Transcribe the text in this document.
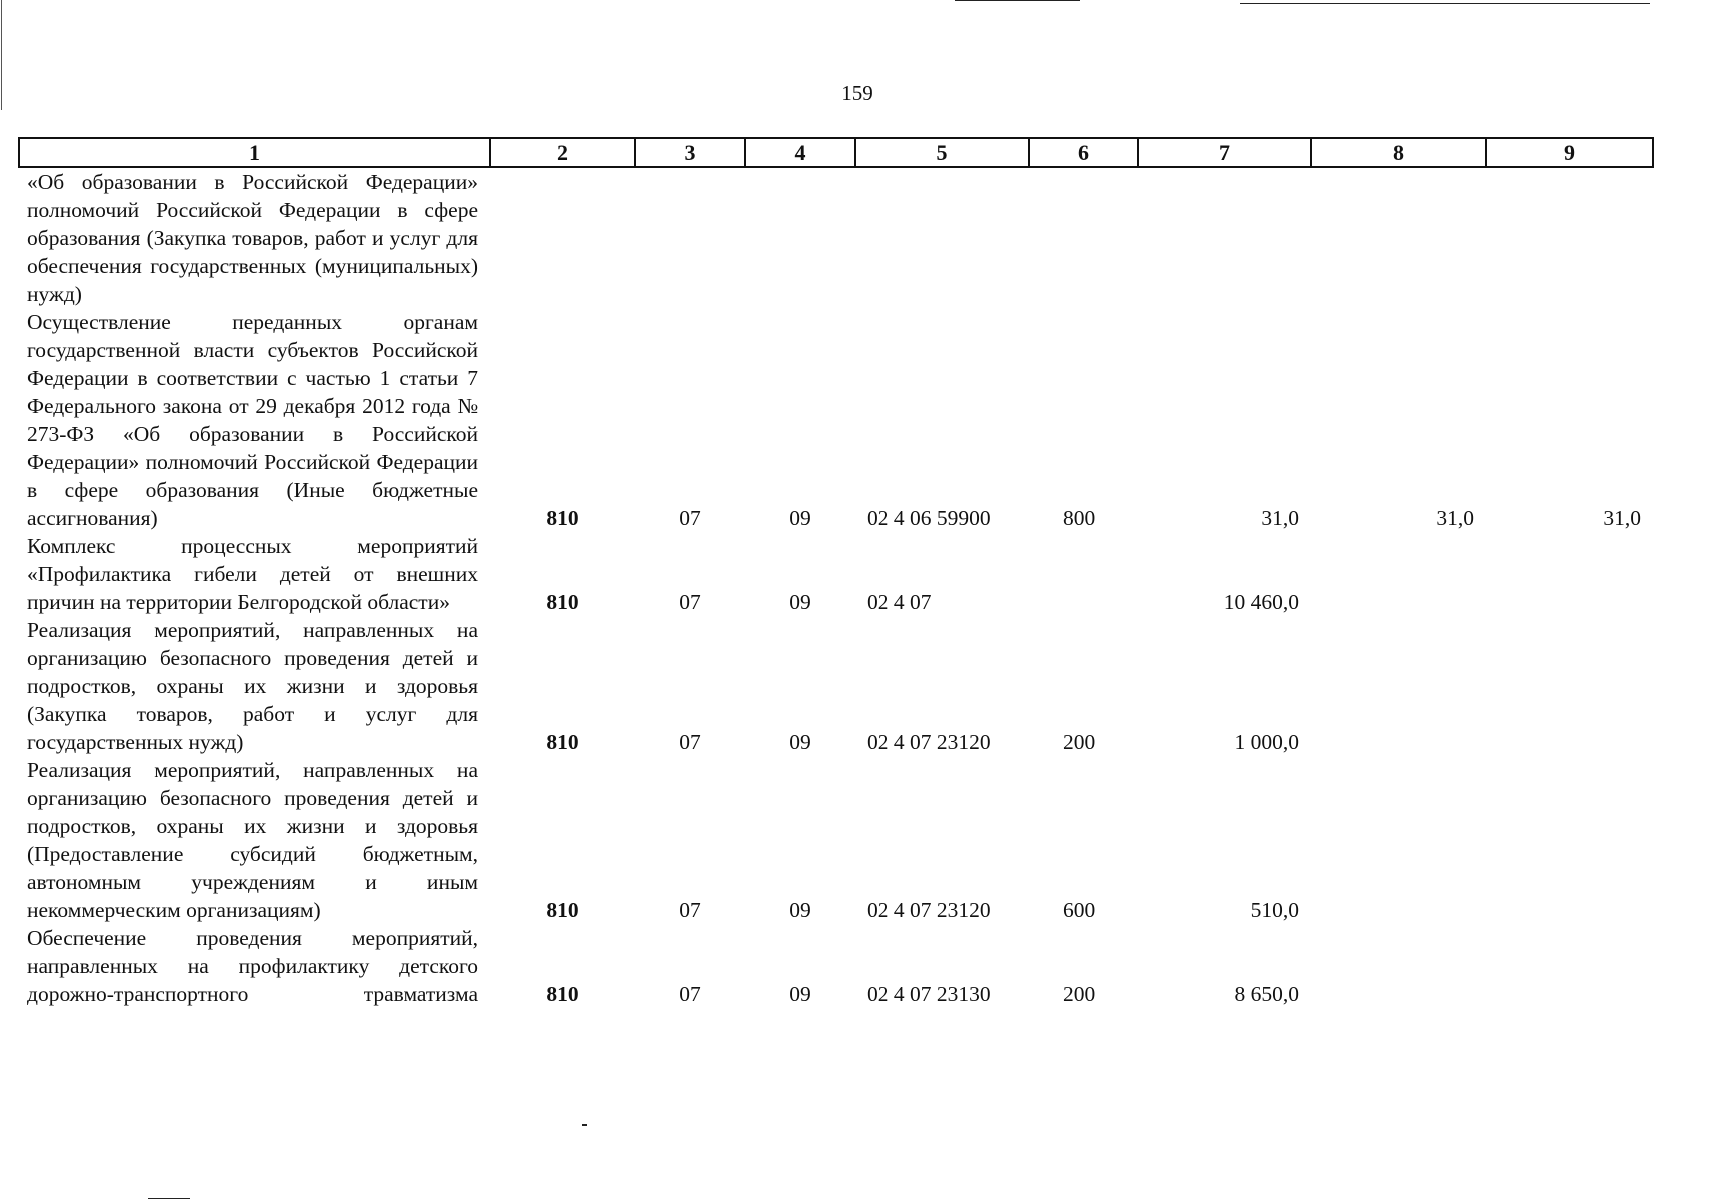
159
1	2	3	4	5	6	7	8	9
«Об образовании в Российской Федерации» полномочий Российской Федерации в сфере образования (Закупка товаров, работ и услуг для обеспечения государственных (муниципальных) нужд)								
Осуществление переданных органам государственной власти субъектов Российской Федерации в соответствии с частью 1 статьи 7 Федерального закона от 29 декабря 2012 года № 273-ФЗ «Об образовании в Российской Федерации» полномочий Российской Федерации в сфере образования (Иные бюджетные ассигнования)	810	07	09	02 4 06 59900	800	31,0	31,0	31,0
Комплекс процессных мероприятий «Профилактика гибели детей от внешних причин на территории Белгородской области»	810	07	09	02 4 07		10 460,0		
Реализация мероприятий, направленных на организацию безопасного проведения детей и подростков, охраны их жизни и здоровья (Закупка товаров, работ и услуг для государственных нужд)	810	07	09	02 4 07 23120	200	1 000,0		
Реализация мероприятий, направленных на организацию безопасного проведения детей и подростков, охраны их жизни и здоровья (Предоставление субсидий бюджетным, автономным учреждениям и иным некоммерческим организациям)	810	07	09	02 4 07 23120	600	510,0		
Обеспечение проведения мероприятий, направленных на профилактику детского дорожно-транспортного травматизма	810	07	09	02 4 07 23130	200	8 650,0		
